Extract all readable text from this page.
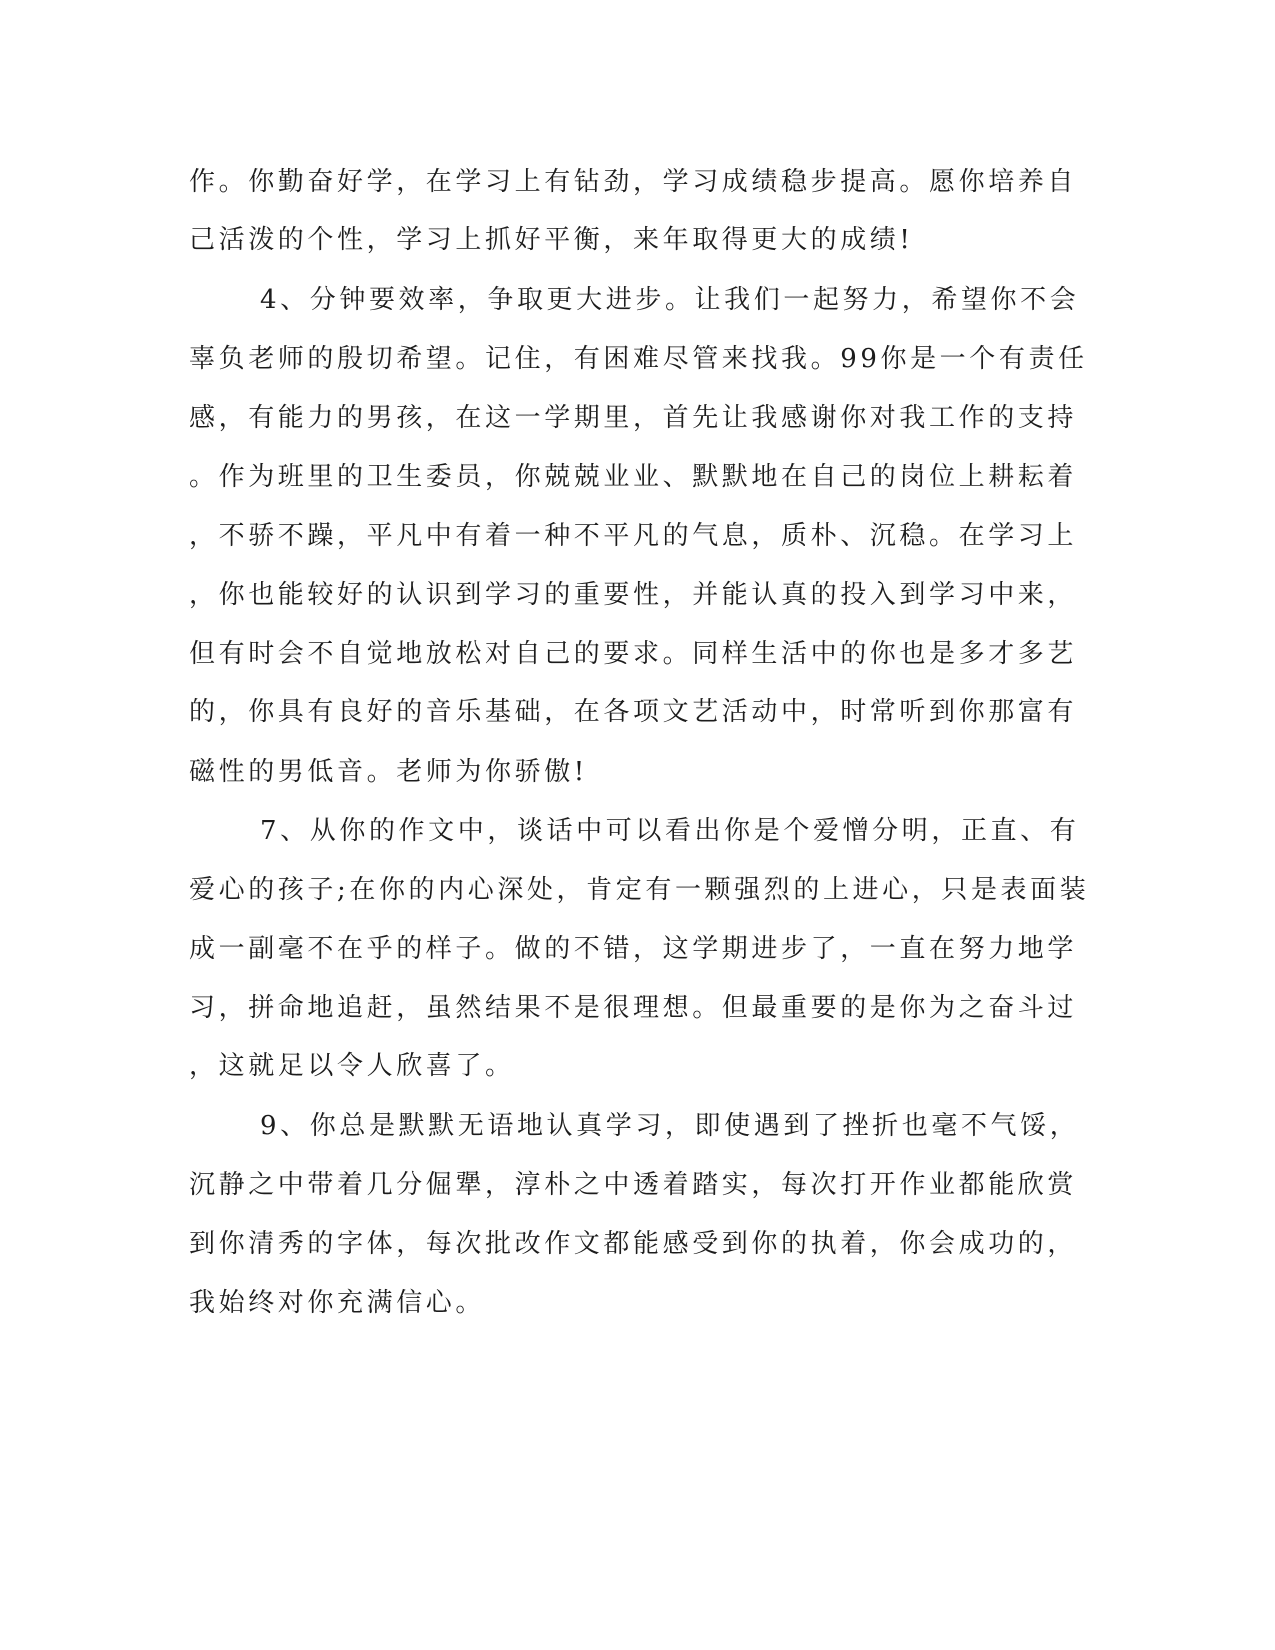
作。你勤奋好学，在学习上有钻劲，学习成绩稳步提高。愿你培养自
己活泼的个性，学习上抓好平衡，来年取得更大的成绩!
4、分钟要效率，争取更大进步。让我们一起努力，希望你不会
辜负老师的殷切希望。记住，有困难尽管来找我。99你是一个有责任
感，有能力的男孩，在这一学期里，首先让我感谢你对我工作的支持
。作为班里的卫生委员，你兢兢业业、默默地在自己的岗位上耕耘着
，不骄不躁，平凡中有着一种不平凡的气息，质朴、沉稳。在学习上
，你也能较好的认识到学习的重要性，并能认真的投入到学习中来，
但有时会不自觉地放松对自己的要求。同样生活中的你也是多才多艺
的，你具有良好的音乐基础，在各项文艺活动中，时常听到你那富有
磁性的男低音。老师为你骄傲!
7、从你的作文中，谈话中可以看出你是个爱憎分明，正直、有
爱心的孩子;在你的内心深处，肯定有一颗强烈的上进心，只是表面装
成一副毫不在乎的样子。做的不错，这学期进步了，一直在努力地学
习，拼命地追赶，虽然结果不是很理想。但最重要的是你为之奋斗过
，这就足以令人欣喜了。
9、你总是默默无语地认真学习，即使遇到了挫折也毫不气馁，
沉静之中带着几分倔犟，淳朴之中透着踏实，每次打开作业都能欣赏
到你清秀的字体，每次批改作文都能感受到你的执着，你会成功的，
我始终对你充满信心。
